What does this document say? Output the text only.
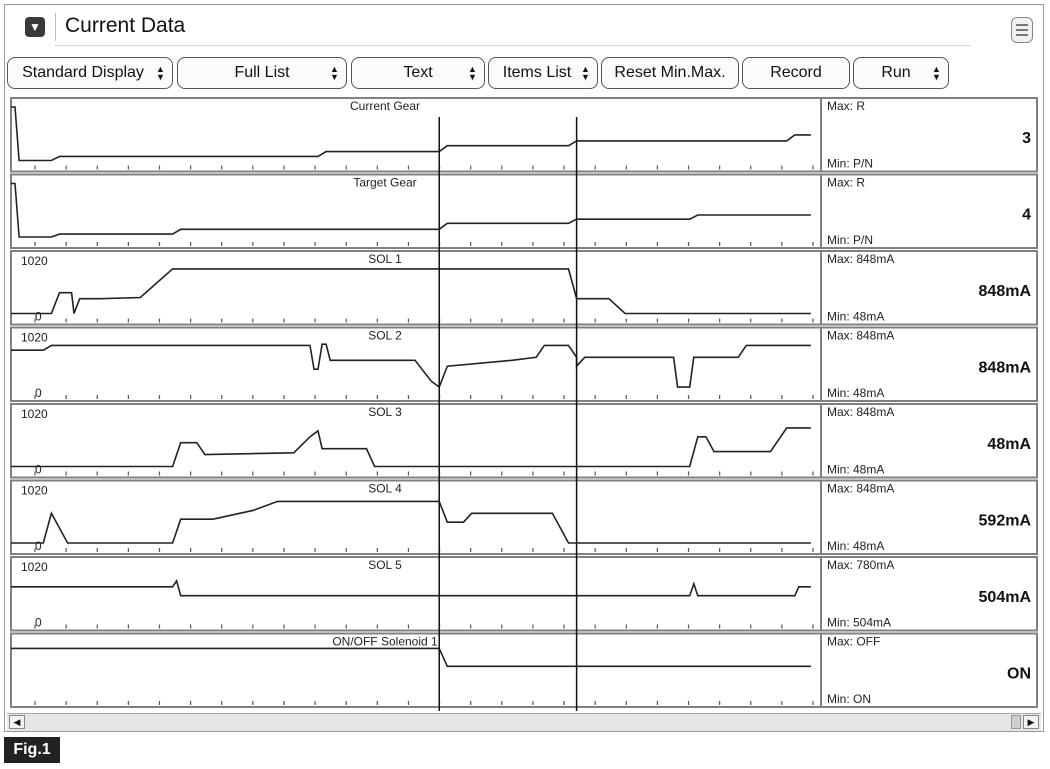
▼ Current Data
Standard Display ▲
▼	Full List	▲
▼	Text	▲
▼ Items List ▲
▼ Reset Min.Max.	Record	Run ▲
▼
Current Gear	Max: R
Min: P/N
3
Target Gear	Max: R
Min: P/N
4
SOL 1
1020
0
Max: 848mA
Min: 48mA
848mA
SOL 2
1020
0
Max: 848mA
Min: 48mA
848mA
SOL 3
1020
0
Max: 848mA
Min: 48mA
48mA
SOL 4
1020
0
Max: 848mA
Min: 48mA
592mA
SOL 5
1020
0
Max: 780mA
Min: 504mA
504mA
ON/OFF Solenoid 1	Max: OFF
Min: ON
ON
◀	▶
Fig.1
